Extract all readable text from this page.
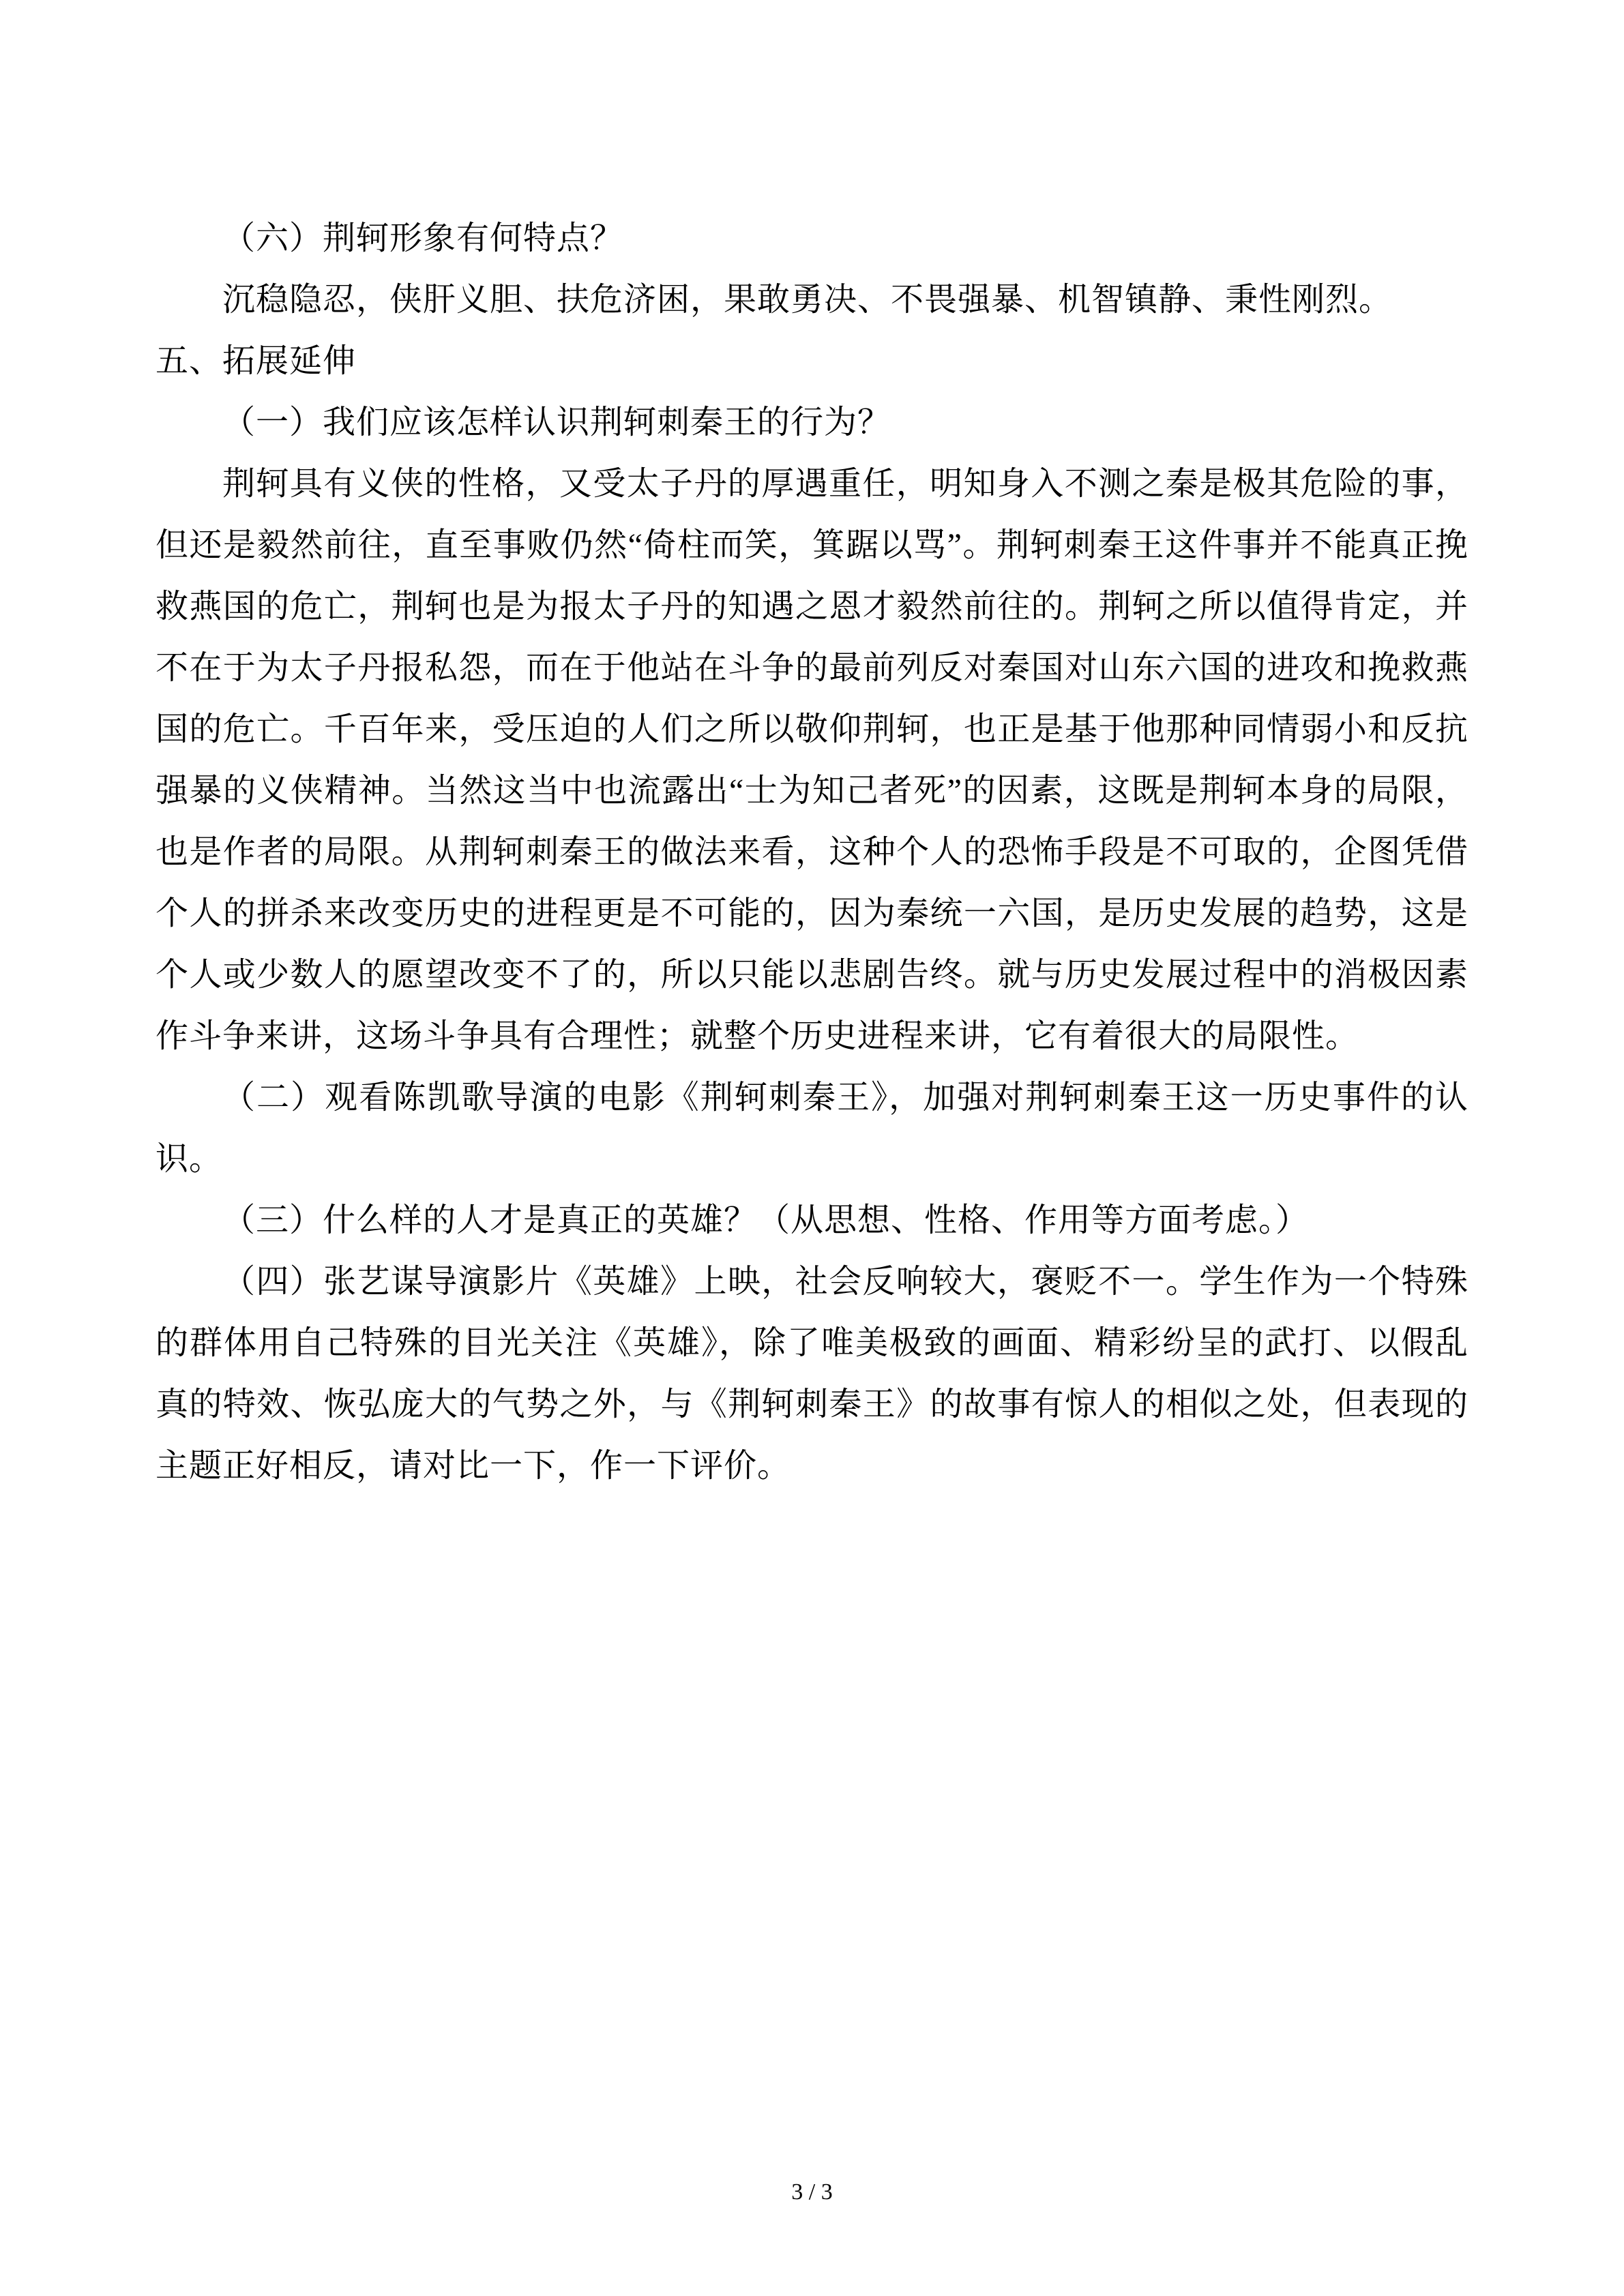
（六）荆轲形象有何特点？

沉稳隐忍，侠肝义胆、扶危济困，果敢勇决、不畏强暴、机智镇静、秉性刚烈。

五、拓展延伸

（一）我们应该怎样认识荆轲刺秦王的行为？

荆轲具有义侠的性格，又受太子丹的厚遇重任，明知身入不测之秦是极其危险的事，但还是毅然前往，直至事败仍然“倚柱而笑，箕踞以骂”。荆轲刺秦王这件事并不能真正挽救燕国的危亡，荆轲也是为报太子丹的知遇之恩才毅然前往的。荆轲之所以值得肯定，并不在于为太子丹报私怨，而在于他站在斗争的最前列反对秦国对山东六国的进攻和挽救燕国的危亡。千百年来，受压迫的人们之所以敬仰荆轲，也正是基于他那种同情弱小和反抗强暴的义侠精神。当然这当中也流露出“士为知己者死”的因素，这既是荆轲本身的局限，也是作者的局限。从荆轲刺秦王的做法来看，这种个人的恐怖手段是不可取的，企图凭借个人的拼杀来改变历史的进程更是不可能的，因为秦统一六国，是历史发展的趋势，这是个人或少数人的愿望改变不了的，所以只能以悲剧告终。就与历史发展过程中的消极因素作斗争来讲，这场斗争具有合理性；就整个历史进程来讲，它有着很大的局限性。

（二）观看陈凯歌导演的电影《荆轲刺秦王》，加强对荆轲刺秦王这一历史事件的认识。

（三）什么样的人才是真正的英雄？（从思想、性格、作用等方面考虑。）

（四）张艺谋导演影片《英雄》上映，社会反响较大，褒贬不一。学生作为一个特殊的群体用自己特殊的目光关注《英雄》，除了唯美极致的画面、精彩纷呈的武打、以假乱真的特效、恢弘庞大的气势之外，与《荆轲刺秦王》的故事有惊人的相似之处，但表现的主题正好相反，请对比一下，作一下评价。

3 / 3
